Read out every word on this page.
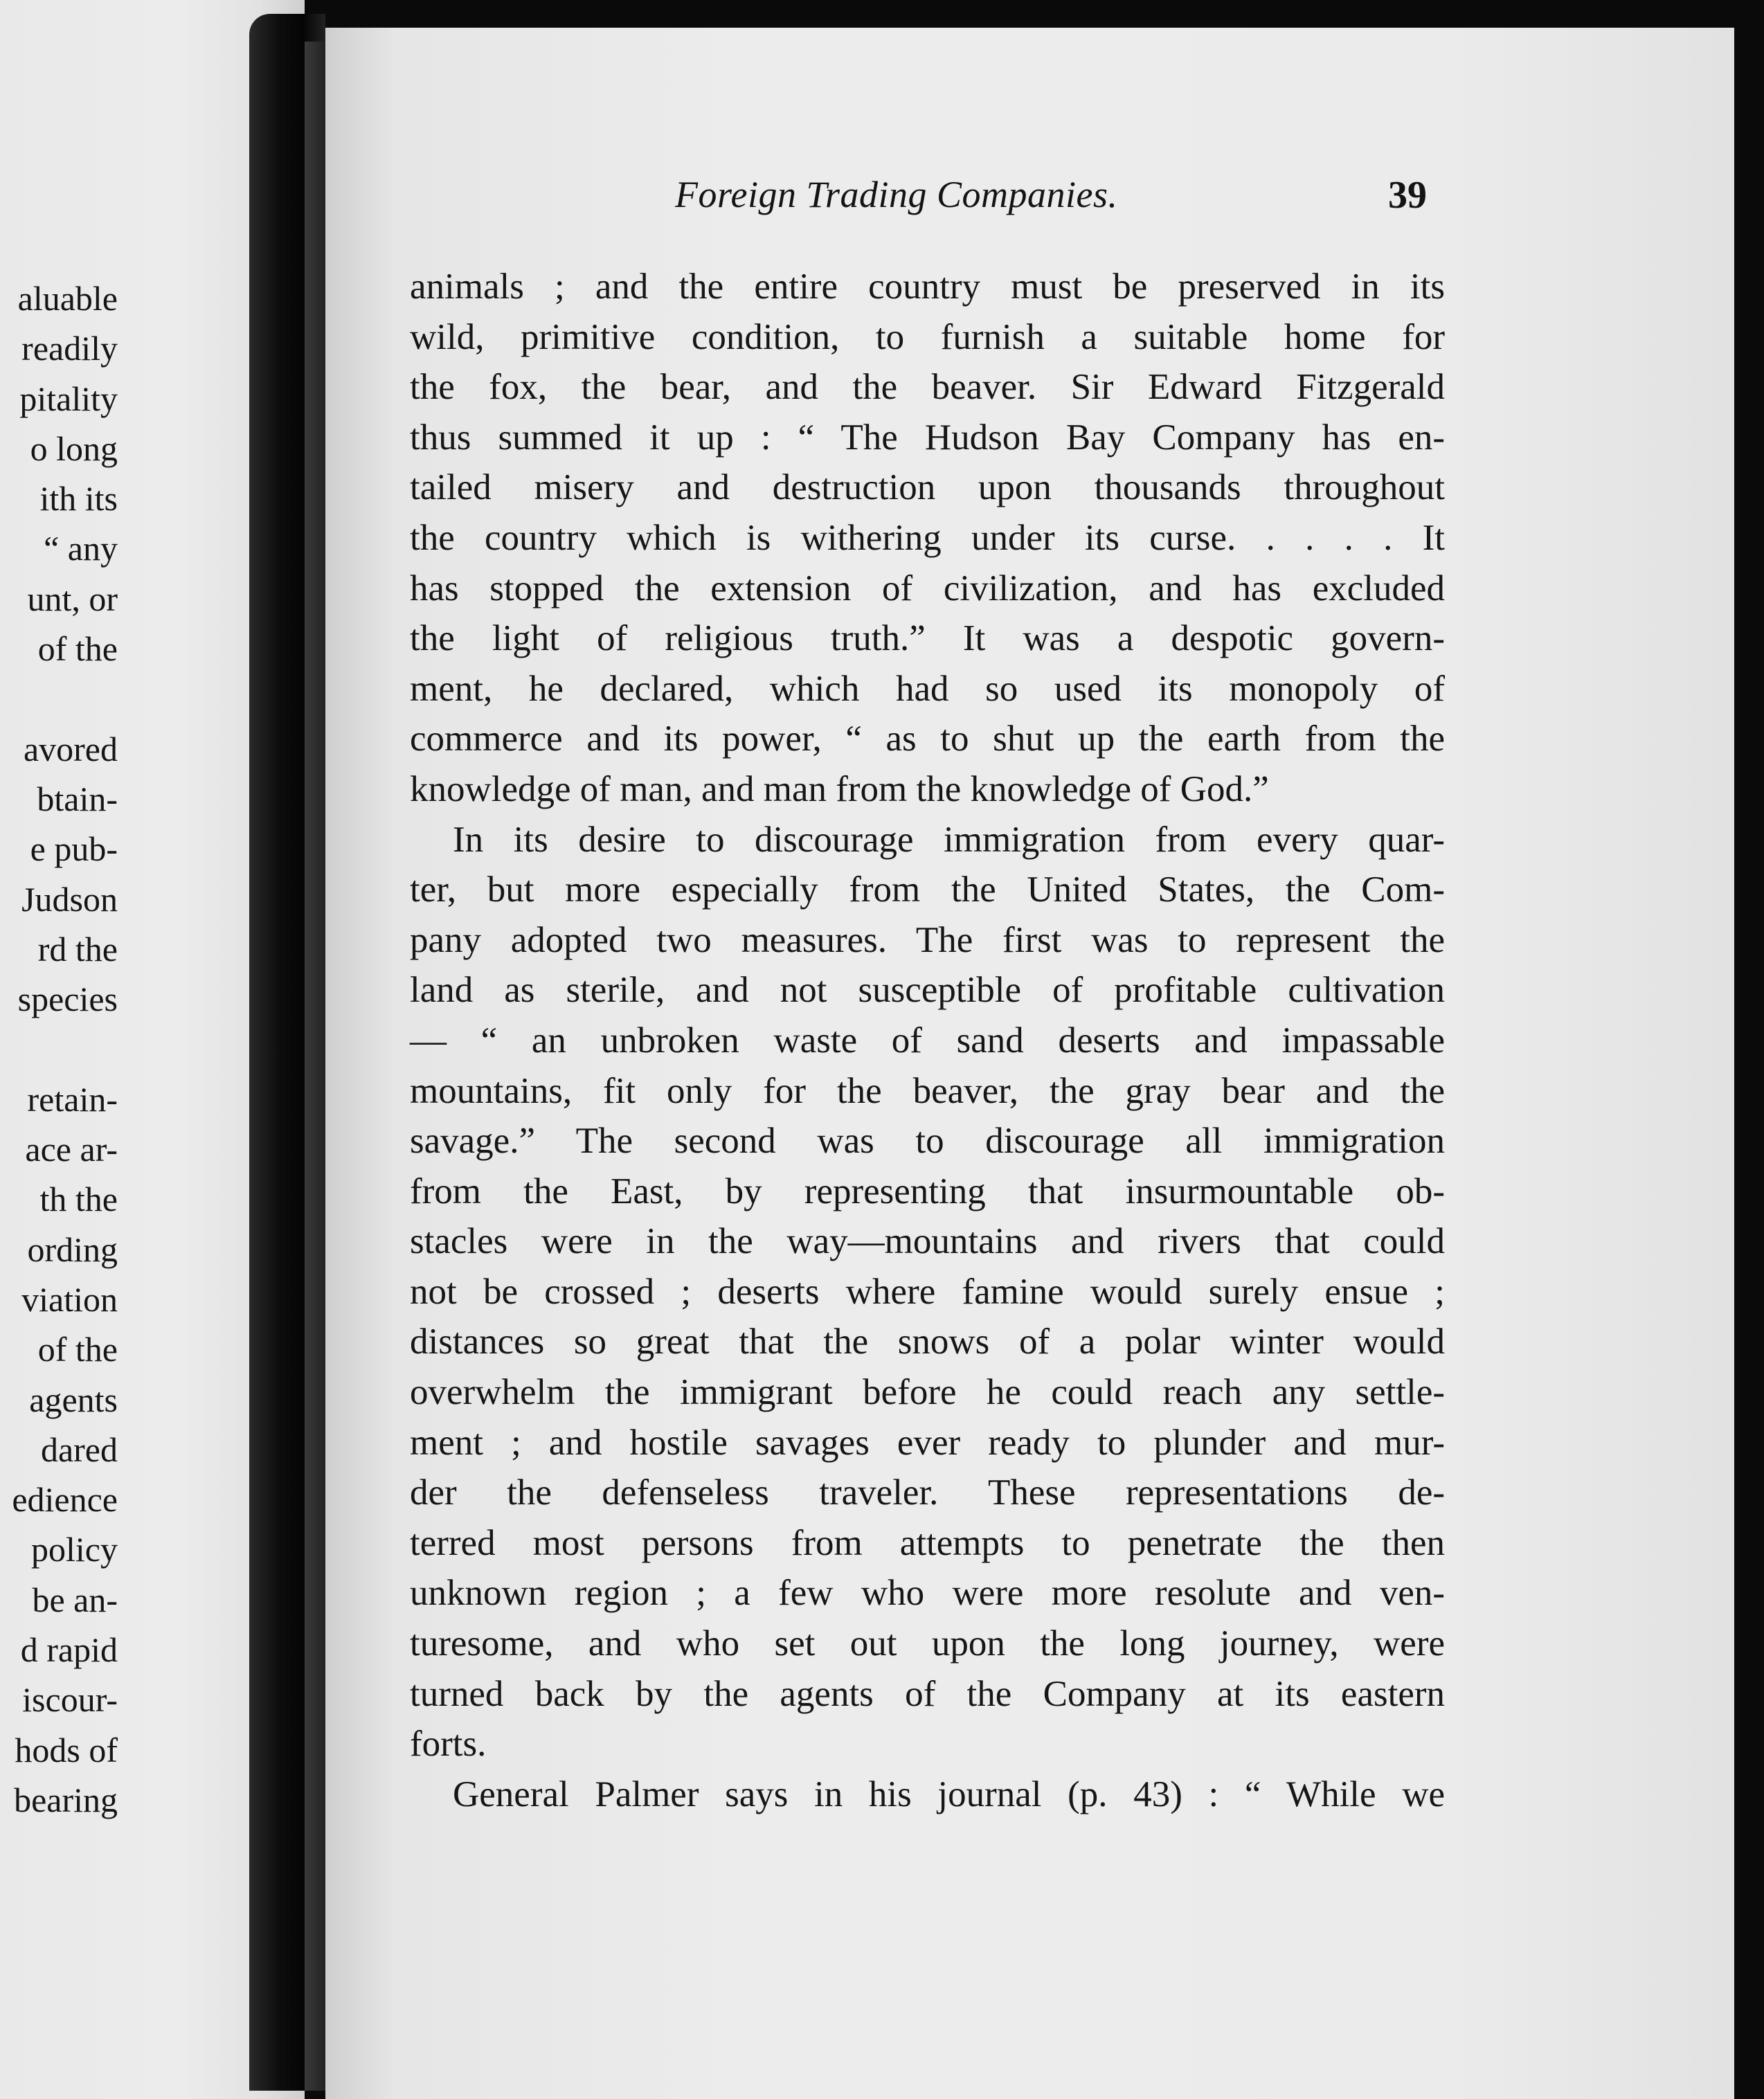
aluable
readily
pitality
o long
ith its
“ any
unt, or
of the
avored
btain-
e pub-
Judson
rd the
species
retain-
ace ar-
th the
ording
viation
of the
agents
dared
edience
policy
be an-
d rapid
iscour-
hods of
bearing
Foreign Trading Companies.	39
animals ; and the entire country must be preserved in its
wild, primitive condition, to furnish a suitable home for
the fox, the bear, and the beaver. Sir Edward Fitzgerald
thus summed it up : “ The Hudson Bay Company has en-
tailed misery and destruction upon thousands throughout
the country which is withering under its curse. . . . . It
has stopped the extension of civilization, and has excluded
the light of religious truth.” It was a despotic govern-
ment, he declared, which had so used its monopoly of
commerce and its power, “ as to shut up the earth from the
knowledge of man, and man from the knowledge of God.”
In its desire to discourage immigration from every quar-
ter, but more especially from the United States, the Com-
pany adopted two measures. The first was to represent the
land as sterile, and not susceptible of profitable cultivation
— “ an unbroken waste of sand deserts and impassable
mountains, fit only for the beaver, the gray bear and the
savage.” The second was to discourage all immigration
from the East, by representing that insurmountable ob-
stacles were in the way—mountains and rivers that could
not be crossed ; deserts where famine would surely ensue ;
distances so great that the snows of a polar winter would
overwhelm the immigrant before he could reach any settle-
ment ; and hostile savages ever ready to plunder and mur-
der the defenseless traveler. These representations de-
terred most persons from attempts to penetrate the then
unknown region ; a few who were more resolute and ven-
turesome, and who set out upon the long journey, were
turned back by the agents of the Company at its eastern
forts.
General Palmer says in his journal (p. 43) : “ While we
